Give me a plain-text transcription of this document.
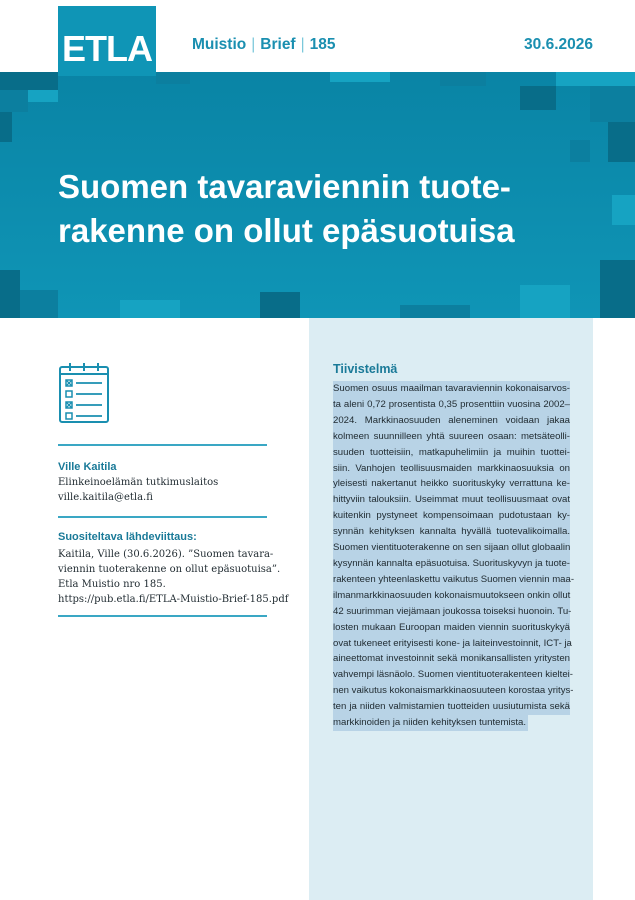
ETLA	Muistio | Brief | 185	30.6.2026
Suomen tavaraviennin tuote-
rakenne on ollut epäsuotuisa
Tiivistelmä
Suomen osuus maailman tavaraviennin kokonaisarvos-
ta aleni 0,72 prosentista 0,35 prosenttiin vuosina 2002–
2024. Markkinaosuuden aleneminen voidaan jakaa
kolmeen suunnilleen yhtä suureen osaan: metsäteolli-
suuden tuotteisiin, matkapuhelimiin ja muihin tuottei-
siin. Vanhojen teollisuusmaiden markkinaosuuksia on
yleisesti nakertanut heikko suorituskyky verrattuna ke-
hittyviin talouksiin. Useimmat muut teollisuusmaat ovat
kuitenkin pystyneet kompensoimaan pudotustaan ky-
synnän kehityksen kannalta hyvällä tuotevalikoimalla.
Suomen vientituoterakenne on sen sijaan ollut globaalin
kysynnän kannalta epäsuotuisa. Suorituskyvyn ja tuote-
rakenteen yhteenlaskettu vaikutus Suomen viennin maa-
ilmanmarkkinaosuuden kokonaismuutokseen onkin ollut
42 suurimman viejämaan joukossa toiseksi huonoin. Tu-
losten mukaan Euroopan maiden viennin suorituskykyä
ovat tukeneet erityisesti kone- ja laiteinvestoinnit, ICT- ja
aineettomat investoinnit sekä monikansallisten yritysten
vahvempi läsnäolo. Suomen vientituoterakenteen kieltei-
nen vaikutus kokonaismarkkinaosuuteen korostaa yritys-
ten ja niiden valmistamien tuotteiden uusiutumista sekä
markkinoiden ja niiden kehityksen tuntemista.
Ville Kaitila
Elinkeinoelämän tutkimuslaitos
ville.kaitila@etla.fi
Suositeltava lähdeviittaus:
Kaitila, Ville (30.6.2026). ”Suomen tavara-
viennin tuoterakenne on ollut epäsuotuisa”.
Etla Muistio nro 185.
https://pub.etla.fi/ETLA-Muistio-Brief-185.pdf
